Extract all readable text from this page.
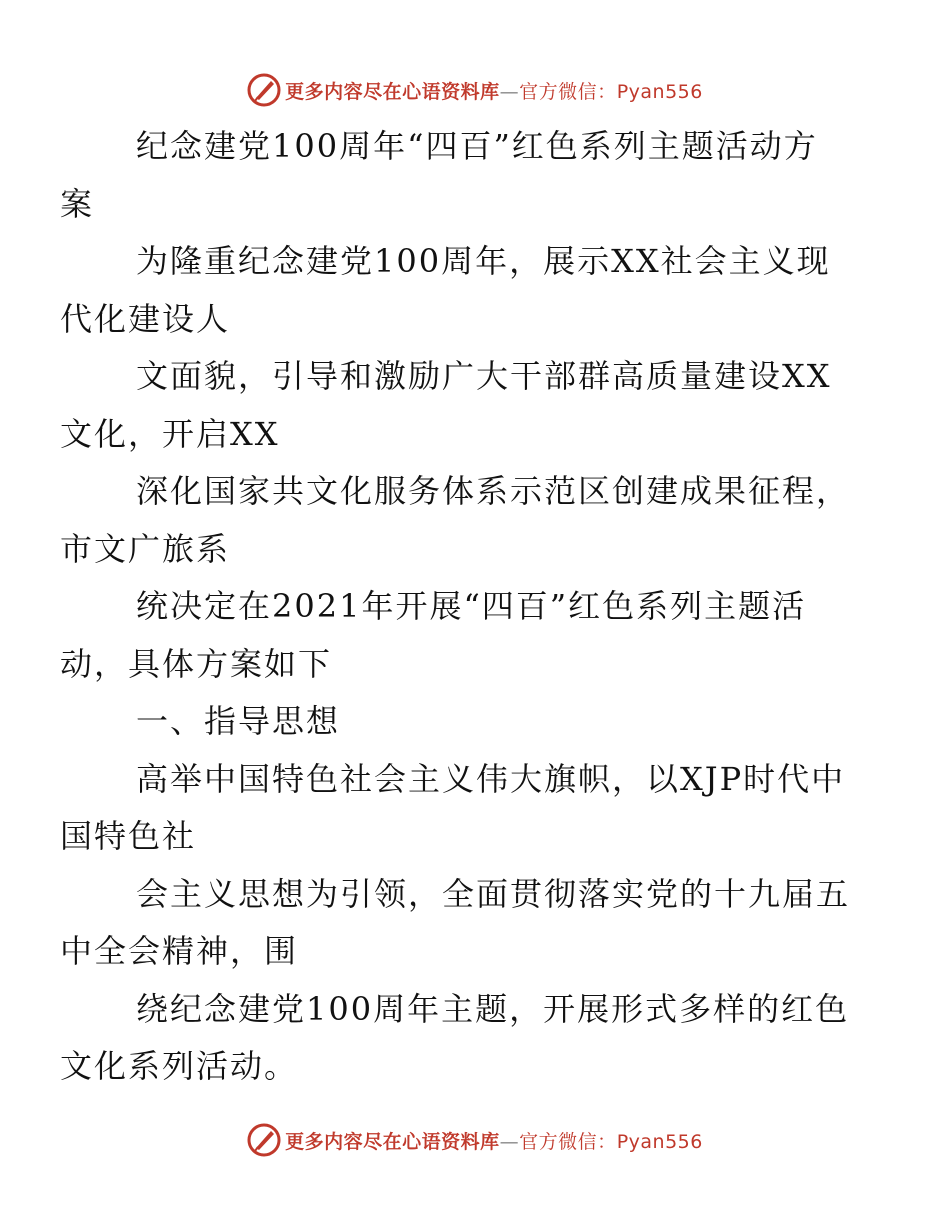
更多内容尽在心语资料库—官方微信：Pyan556

纪念建党100周年“四百”红色系列主题活动方
案

为隆重纪念建党100周年，展示XX社会主义现
代化建设人

文面貌，引导和激励广大干部群高质量建设XX
文化，开启XX

深化国家共文化服务体系示范区创建成果征程，
市文广旅系

统决定在2021年开展“四百”红色系列主题活
动，具体方案如下

一、指导思想

高举中国特色社会主义伟大旗帜，以XJP时代中
国特色社

会主义思想为引领，全面贯彻落实党的十九届五
中全会精神，围

绕纪念建党100周年主题，开展形式多样的红色
文化系列活动。

更多内容尽在心语资料库—官方微信：Pyan556
